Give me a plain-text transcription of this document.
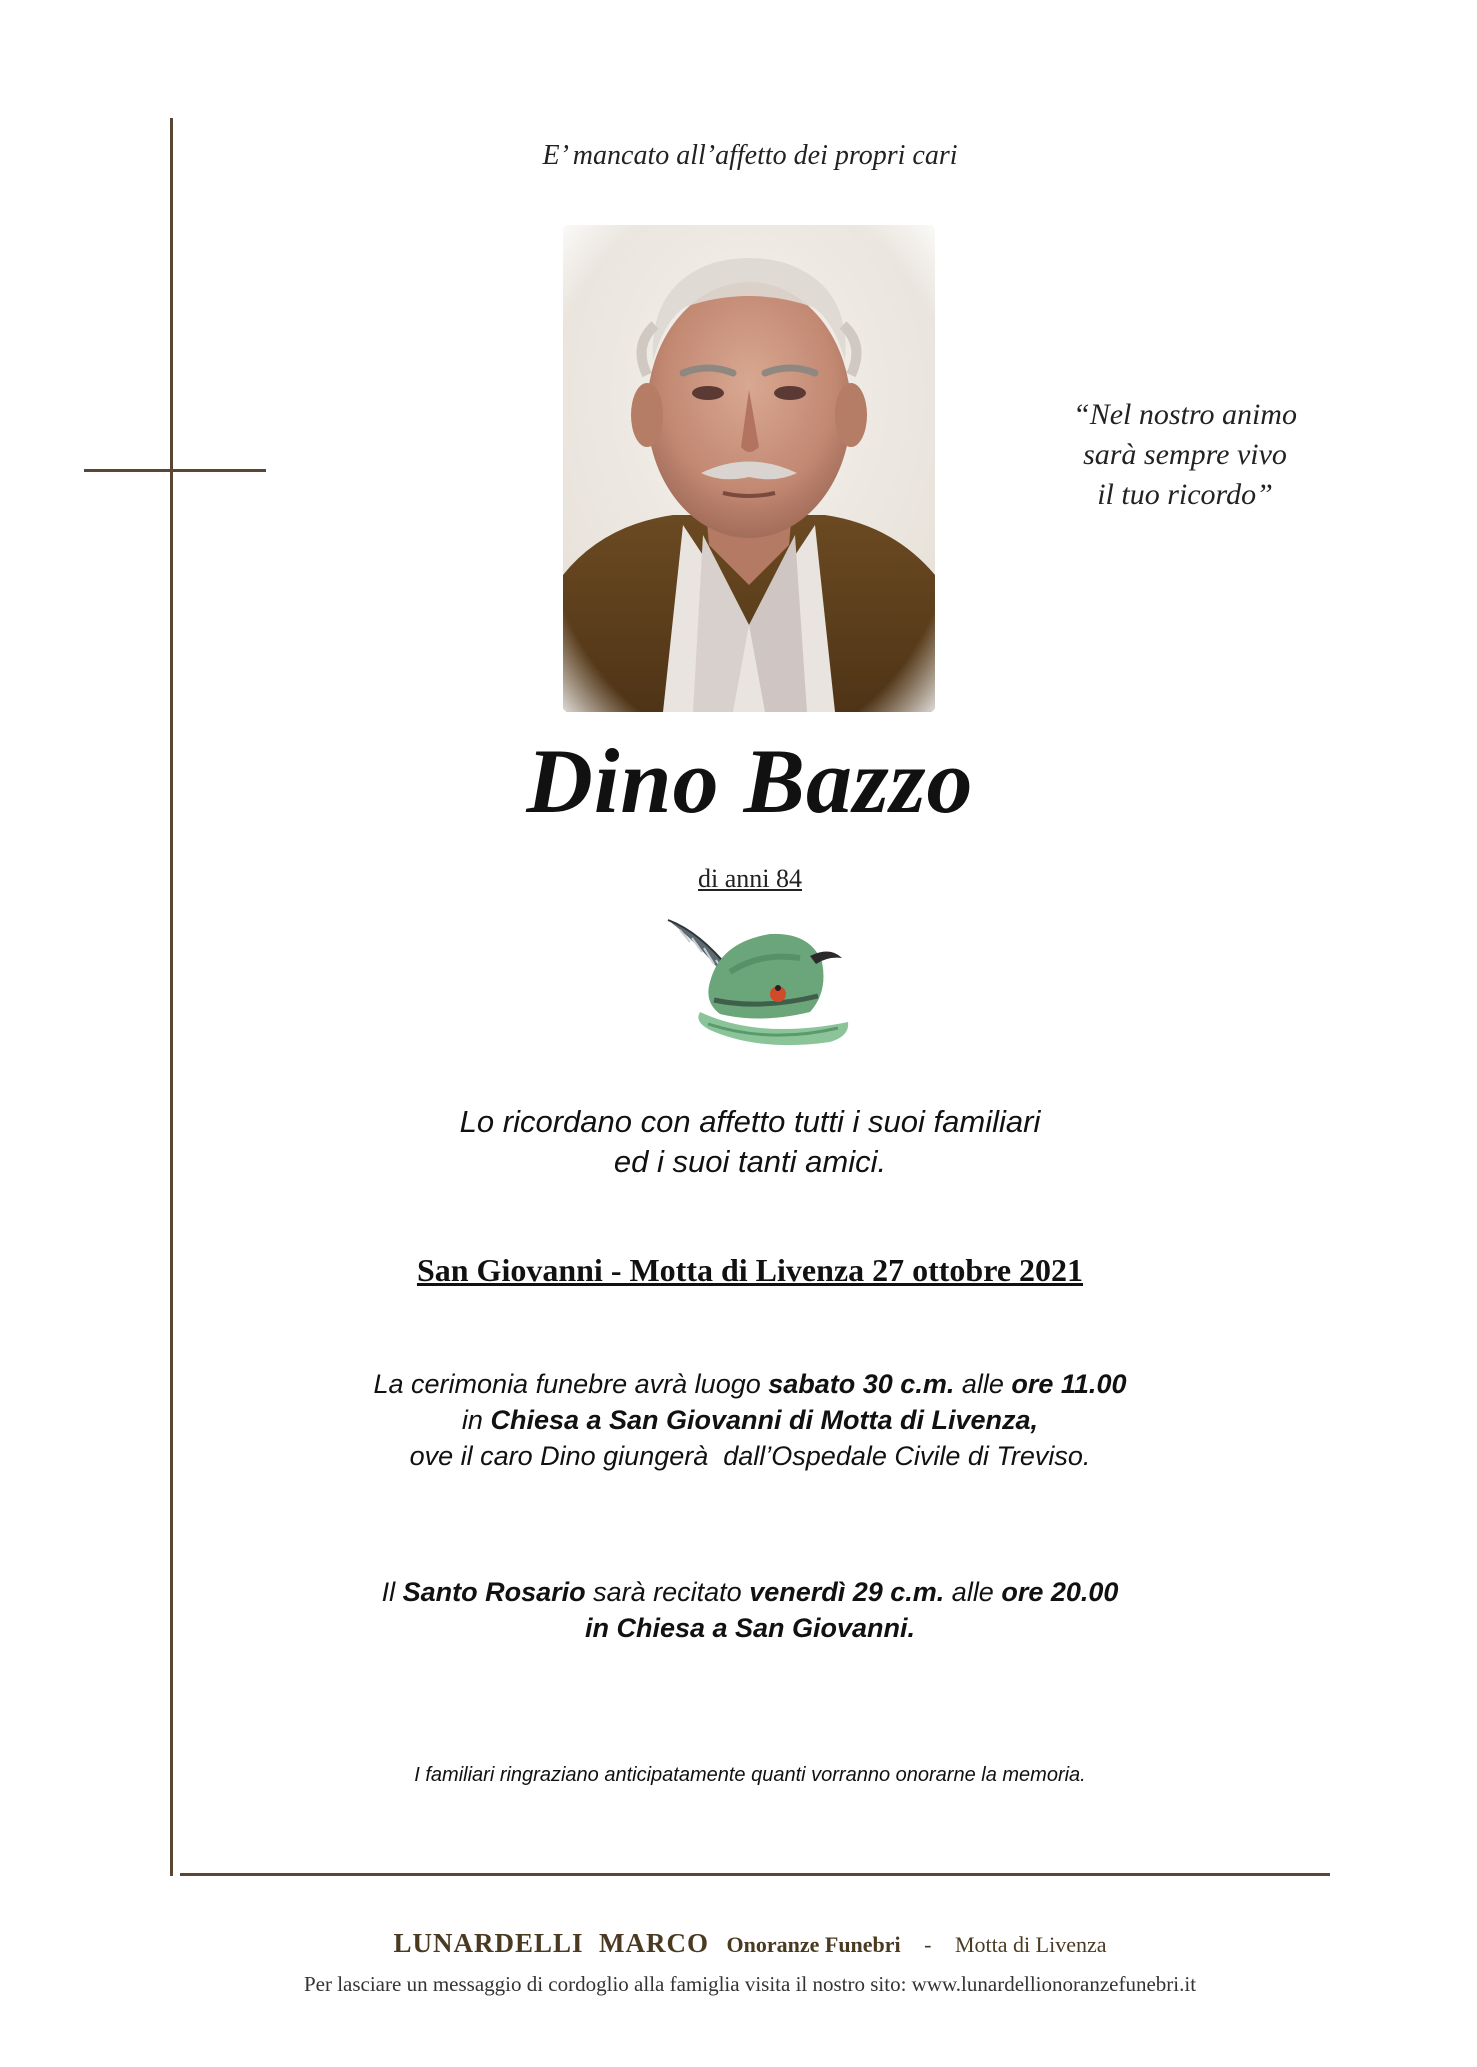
E’ mancato all’affetto dei propri cari
“Nel nostro animo
sarà sempre vivo
il tuo ricordo”
Dino Bazzo
di anni 84
Lo ricordano con affetto tutti i suoi familiari
ed i suoi tanti amici.
San Giovanni - Motta di Livenza 27 ottobre 2021
La cerimonia funebre avrà luogo sabato 30 c.m. alle ore 11.00
in Chiesa a San Giovanni di Motta di Livenza,
ove il caro Dino giungerà  dall’Ospedale Civile di Treviso.
Il Santo Rosario sarà recitato venerdì 29 c.m. alle ore 20.00
in Chiesa a San Giovanni.
I familiari ringraziano anticipatamente quanti vorranno onorarne la memoria.
LUNARDELLI  MARCO Onoranze Funebri - Motta di Livenza
Per lasciare un messaggio di cordoglio alla famiglia visita il nostro sito: www.lunardellionoranzefunebri.it
